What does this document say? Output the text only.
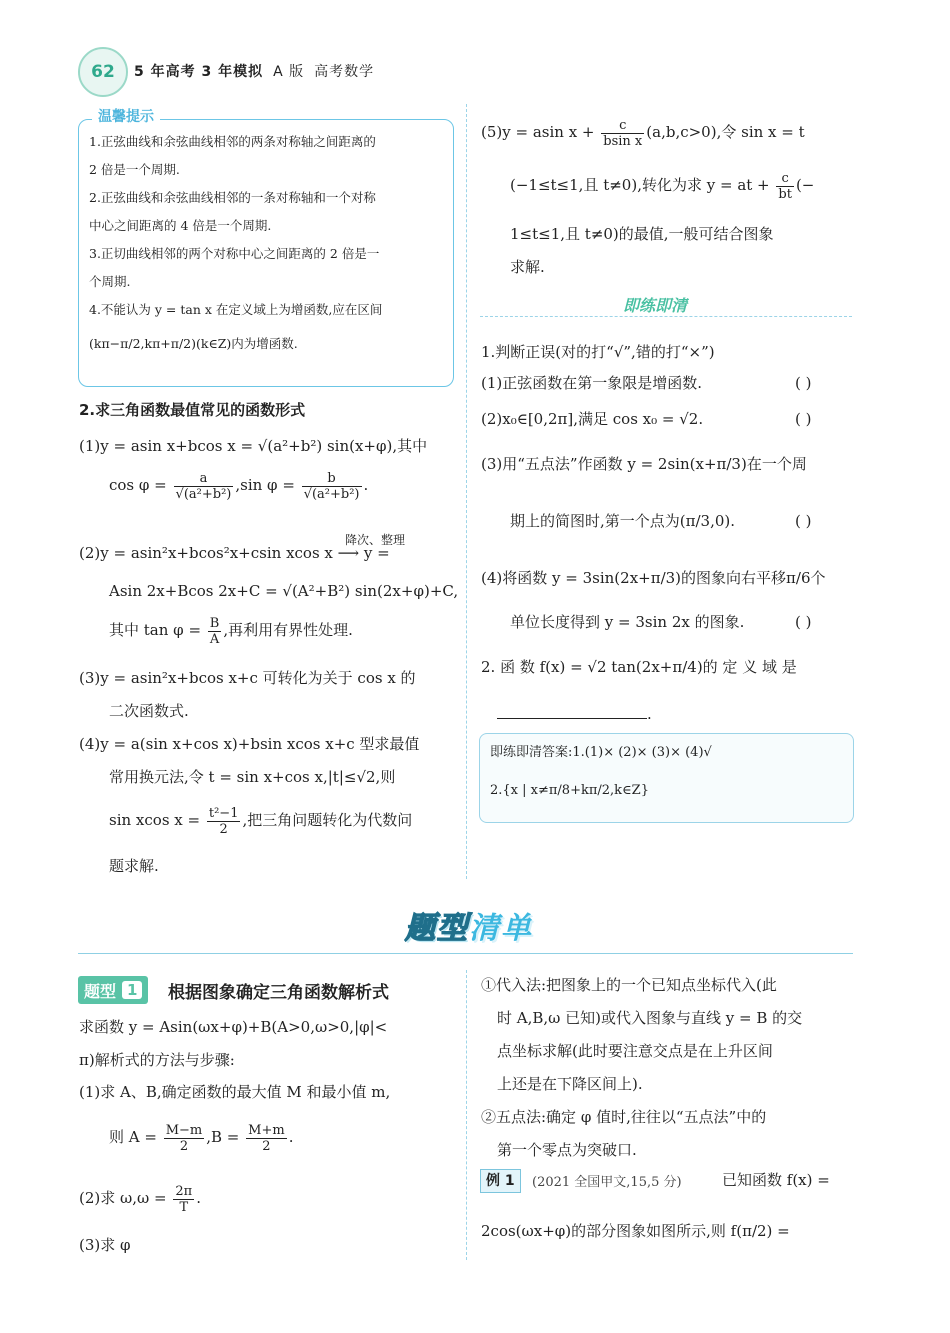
62	5 年高考 3 年模拟 A 版 高考数学
温馨提示
1.正弦曲线和余弦曲线相邻的两条对称轴之间距离的
2 倍是一个周期.
2.正弦曲线和余弦曲线相邻的一条对称轴和一个对称
中心之间距离的 4 倍是一个周期.
3.正切曲线相邻的两个对称中心之间距离的 2 倍是一
个周期.
4.不能认为 y = tan x 在定义域上为增函数,应在区间
(kπ−π/2,kπ+π/2)(k∈Z)内为增函数.
2.求三角函数最值常见的函数形式
(1)y = asin x+bcos x = √(a²+b²) sin(x+φ),其中
$\cos \varphi = \frac{a}{\text{√(a²+b²)}} ,\sin$ $\varphi = \frac{b}{\text{√(a²+b²)}}$ .
降次、整理
(2)y = asin²x+bcos²x+csin xcos x ⟶ y =
Asin 2x+Bcos 2x+C = √(A²+B²) sin(2x+φ)+C,
其中 $\tan \varphi = \frac{B}{A}$ ,再利用有界性处理.
(3)y = asin²x+bcos x+c 可转化为关于 cos x 的
二次函数式.
(4)y = a(sin x+cos x)+bsin xcos x+c 型求最值
常用换元法,令 t = sin x+cos x,|t|≤√2,则
sin xcos $x = \frac{\text{t²−1}}{2}$ ,把三角问题转化为代数问
题求解.
(5)y = asin $x + \frac{c}{\text{bsin x}} (a,b,c>0)$,令 sin x = t
(−1≤t≤1,且 t≠0),转化为求 y = at + $\frac{c}{bt}$ (−
1≤t≤1,且 t≠0)的最值,一般可结合图象
求解.
即练即清
1.判断正误(对的打“√”,错的打“×”)
(1)正弦函数在第一象限是增函数.	( )
(2)x₀∈[0,2π],满足 cos x₀ = √2.	( )
(3)用“五点法”作函数 y = 2sin(x+π/3)在一个周
期上的简图时,第一个点为(π/3,0).	( )
(4)将函数 y = 3sin(2x+π/3)的图象向右平移π/6个
单位长度得到 y = 3sin 2x 的图象.	( )
2. 函 数 f(x) = √2 tan(2x+π/4)的 定 义 域 是
.
即练即清答案:1.(1)× (2)× (3)× (4)√
2.{x | x≠π/8+kπ/2,k∈Z}
题型清单
题型 1 根据图象确定三角函数解析式
求函数 y = Asin(ωx+φ)+B(A>0,ω>0,|φ|<
π)解析式的方法与步骤:
(1)求 A、B,确定函数的最大值 M 和最小值 m,
则 $A = \frac{M-m}{2} ,B = \frac{M+m}{2}$ .
(2)求 $\omega,\omega = \frac{2\pi}{T}$ .
(3)求 φ
①代入法:把图象上的一个已知点坐标代入(此
时 A,B,ω 已知)或代入图象与直线 y = B 的交
点坐标求解(此时要注意交点是在上升区间
上还是在下降区间上).
②五点法:确定 φ 值时,往往以“五点法”中的
第一个零点为突破口.
例 1	(2021 全国甲文,15,5 分)	已知函数 f(x) =
2cos(ωx+φ)的部分图象如图所示,则 f(π/2) =
